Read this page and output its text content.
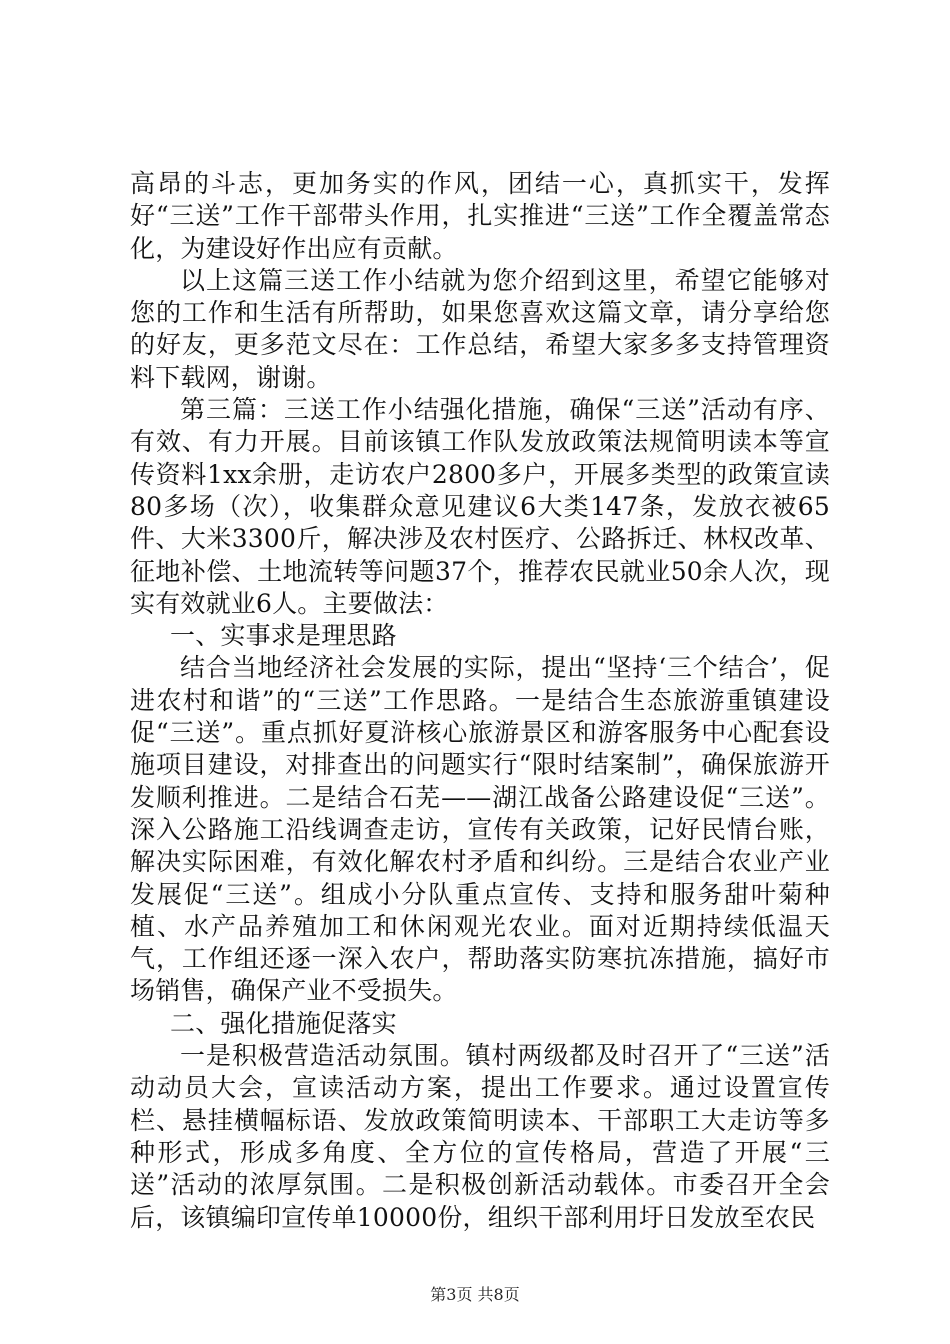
高昂的斗志，更加务实的作风，团结一心，真抓实干，发挥好“三送”工作干部带头作用，扎实推进“三送”工作全覆盖常态化，为建设好作出应有贡献。

以上这篇三送工作小结就为您介绍到这里，希望它能够对您的工作和生活有所帮助，如果您喜欢这篇文章，请分享给您的好友，更多范文尽在：工作总结，希望大家多多支持管理资料下载网，谢谢。

第三篇：三送工作小结强化措施，确保“三送”活动有序、有效、有力开展。目前该镇工作队发放政策法规简明读本等宣传资料1xx余册，走访农户2800多户，开展多类型的政策宣读80多场（次），收集群众意见建议6大类147条，发放衣被65件、大米3300斤，解决涉及农村医疗、公路拆迁、林权改革、征地补偿、土地流转等问题37个，推荐农民就业50余人次，现实有效就业6人。主要做法：

一、实事求是理思路

结合当地经济社会发展的实际，提出“坚持‘三个结合’，促进农村和谐”的“三送”工作思路。一是结合生态旅游重镇建设促“三送”。重点抓好夏浒核心旅游景区和游客服务中心配套设施项目建设，对排查出的问题实行“限时结案制”，确保旅游开发顺利推进。二是结合石芜——湖江战备公路建设促“三送”。深入公路施工沿线调查走访，宣传有关政策，记好民情台账，解决实际困难，有效化解农村矛盾和纠纷。三是结合农业产业发展促“三送”。组成小分队重点宣传、支持和服务甜叶菊种植、水产品养殖加工和休闲观光农业。面对近期持续低温天气，工作组还逐一深入农户，帮助落实防寒抗冻措施，搞好市场销售，确保产业不受损失。

二、强化措施促落实

一是积极营造活动氛围。镇村两级都及时召开了“三送”活动动员大会，宣读活动方案，提出工作要求。通过设置宣传栏、悬挂横幅标语、发放政策简明读本、干部职工大走访等多种形式，形成多角度、全方位的宣传格局，营造了开展“三送”活动的浓厚氛围。二是积极创新活动载体。市委召开全会后，该镇编印宣传单10000份，组织干部利用圩日发放至农民

第3页 共8页
